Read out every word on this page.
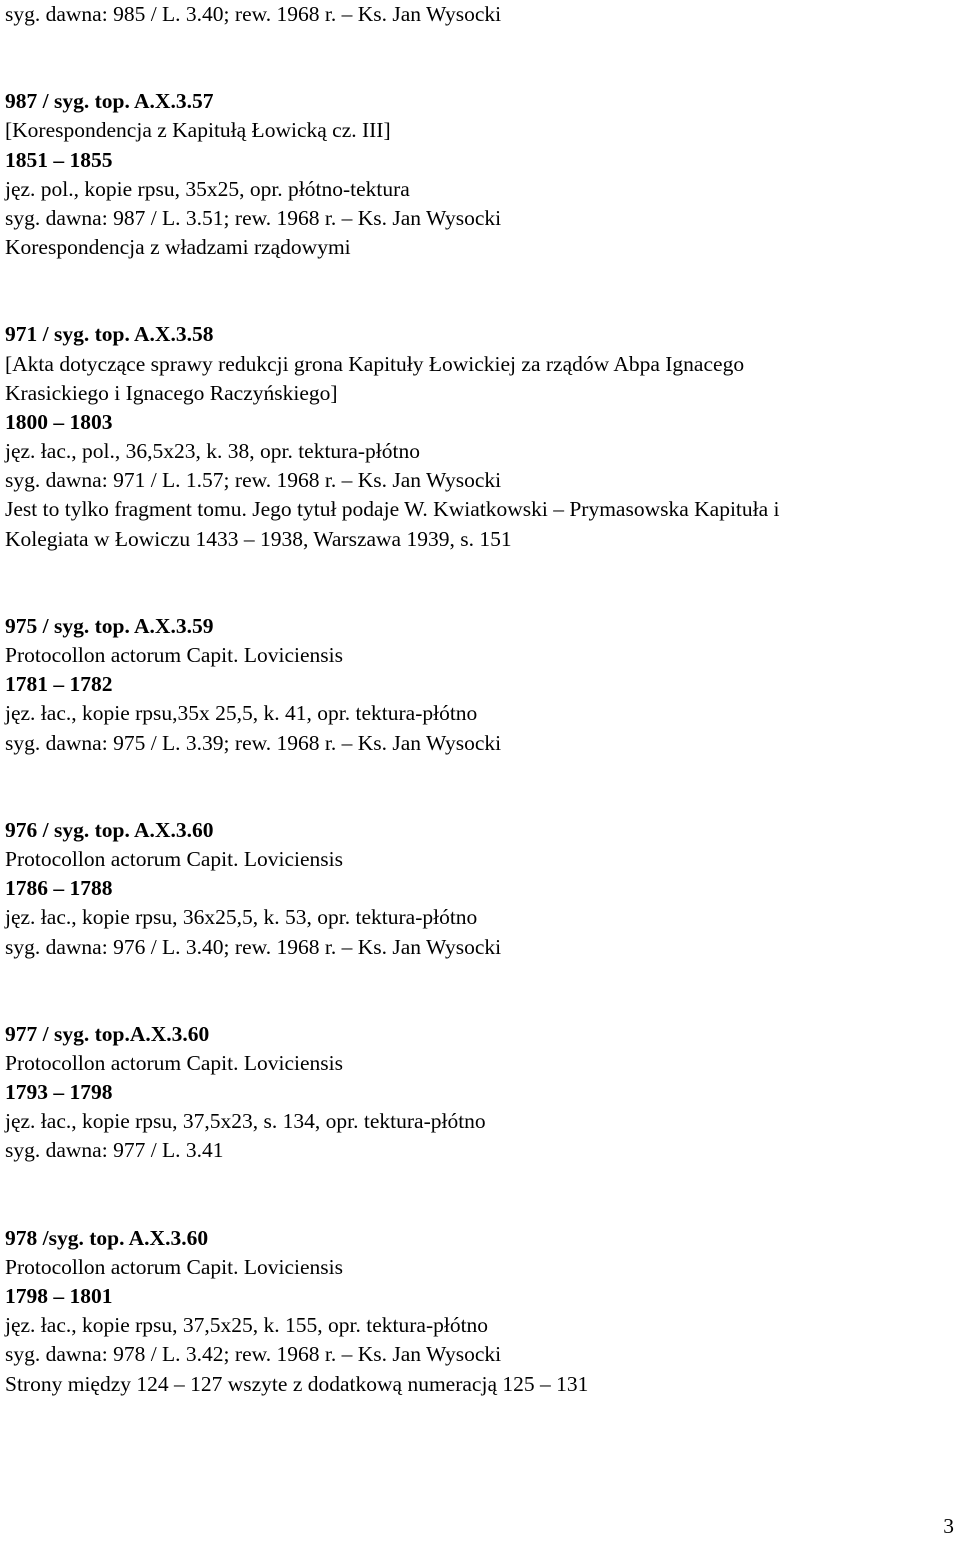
syg. dawna: 985 / L. 3.40; rew. 1968 r. – Ks. Jan Wysocki
987 / syg. top. A.X.3.57
[Korespondencja z Kapitułą Łowicką cz. III]
1851 – 1855
jęz. pol., kopie rpsu, 35x25, opr. płótno-tektura
syg. dawna: 987 / L. 3.51; rew. 1968 r. – Ks. Jan Wysocki
Korespondencja z władzami rządowymi
971 / syg. top. A.X.3.58
[Akta dotyczące sprawy redukcji grona Kapituły Łowickiej za rządów Abpa Ignacego
Krasickiego i Ignacego Raczyńskiego]
1800 – 1803
jęz. łac., pol., 36,5x23, k. 38, opr. tektura-płótno
syg. dawna: 971 / L. 1.57; rew. 1968 r. – Ks. Jan Wysocki
Jest to tylko fragment tomu. Jego tytuł podaje W. Kwiatkowski – Prymasowska Kapituła i
Kolegiata w Łowiczu 1433 – 1938, Warszawa 1939, s. 151
975 / syg. top. A.X.3.59
Protocollon actorum Capit. Loviciensis
1781 – 1782
jęz. łac., kopie rpsu,35x 25,5, k. 41, opr. tektura-płótno
syg. dawna: 975 / L. 3.39; rew. 1968 r. – Ks. Jan Wysocki
976 / syg. top. A.X.3.60
Protocollon actorum Capit. Loviciensis
1786 – 1788
jęz. łac., kopie rpsu, 36x25,5, k. 53, opr. tektura-płótno
syg. dawna: 976 / L. 3.40; rew. 1968 r. – Ks. Jan Wysocki
977 / syg. top.A.X.3.60
Protocollon actorum Capit. Loviciensis
1793 – 1798
jęz. łac., kopie rpsu, 37,5x23, s. 134, opr. tektura-płótno
syg. dawna: 977 / L. 3.41
978 /syg. top. A.X.3.60
Protocollon actorum Capit. Loviciensis
1798 – 1801
jęz. łac., kopie rpsu, 37,5x25, k. 155, opr. tektura-płótno
syg. dawna: 978 / L. 3.42; rew. 1968 r. – Ks. Jan Wysocki
Strony między 124 – 127 wszyte z dodatkową numeracją 125 – 131
3
